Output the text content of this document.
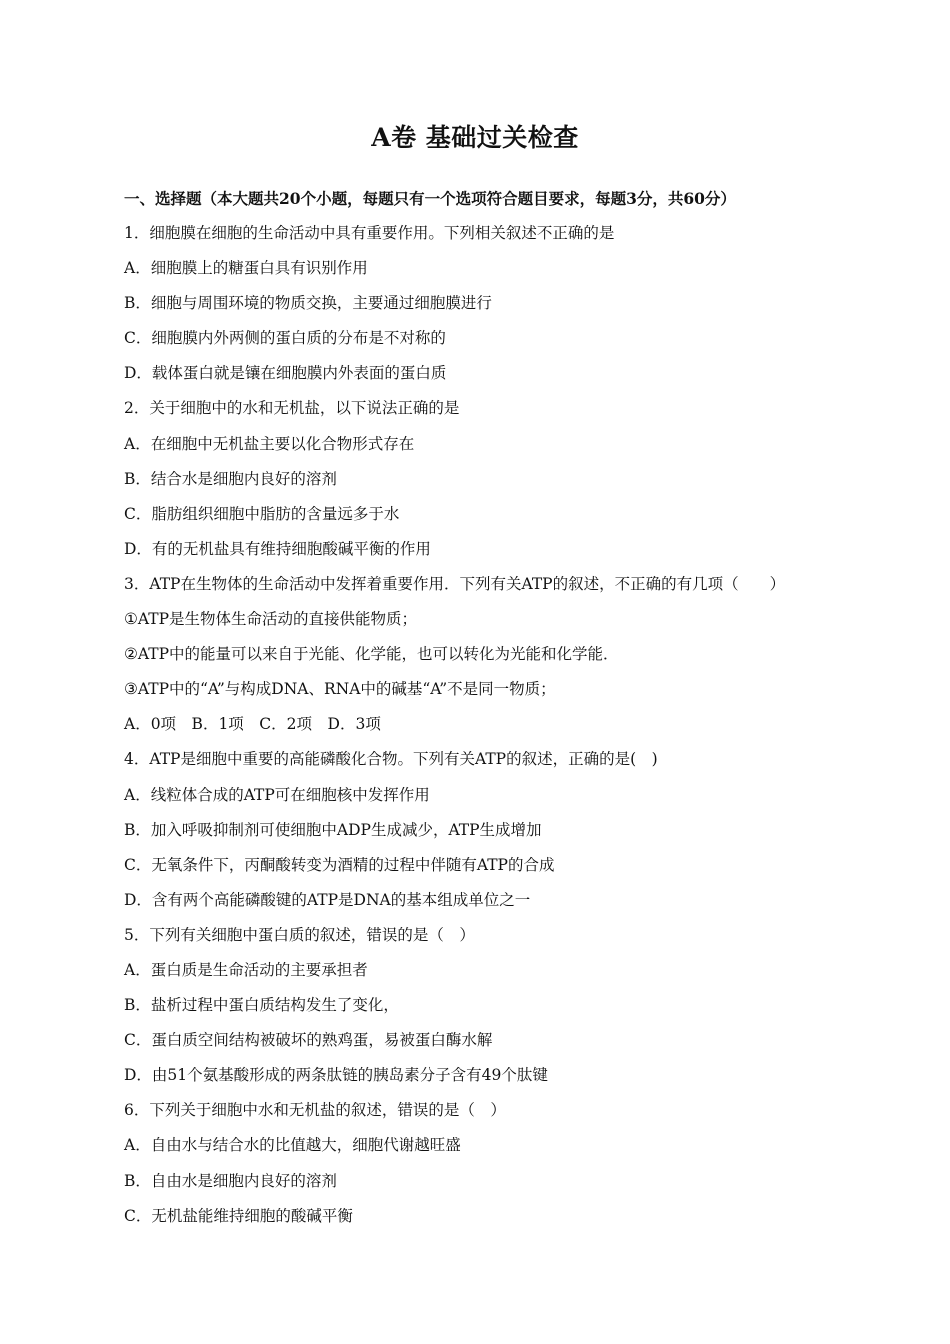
A卷 基础过关检查
一、选择题（本大题共20个小题，每题只有一个选项符合题目要求，每题3分，共60分）
1．细胞膜在细胞的生命活动中具有重要作用。下列相关叙述不正确的是
A．细胞膜上的糖蛋白具有识别作用
B．细胞与周围环境的物质交换，主要通过细胞膜进行
C．细胞膜内外两侧的蛋白质的分布是不对称的
D．载体蛋白就是镶在细胞膜内外表面的蛋白质
2．关于细胞中的水和无机盐，以下说法正确的是
A．在细胞中无机盐主要以化合物形式存在
B．结合水是细胞内良好的溶剂
C．脂肪组织细胞中脂肪的含量远多于水
D．有的无机盐具有维持细胞酸碱平衡的作用
3．ATP在生物体的生命活动中发挥着重要作用．下列有关ATP的叙述，不正确的有几项（　　）
①ATP是生物体生命活动的直接供能物质；
②ATP中的能量可以来自于光能、化学能，也可以转化为光能和化学能．
③ATP中的“A”与构成DNA、RNA中的碱基“A”不是同一物质；
A．0项　B．1项　C．2项　D．3项
4．ATP是细胞中重要的高能磷酸化合物。下列有关ATP的叙述，正确的是(　)
A．线粒体合成的ATP可在细胞核中发挥作用
B．加入呼吸抑制剂可使细胞中ADP生成减少，ATP生成增加
C．无氧条件下，丙酮酸转变为酒精的过程中伴随有ATP的合成
D．含有两个高能磷酸键的ATP是DNA的基本组成单位之一
5．下列有关细胞中蛋白质的叙述，错误的是（　）
A．蛋白质是生命活动的主要承担者
B．盐析过程中蛋白质结构发生了变化，
C．蛋白质空间结构被破坏的熟鸡蛋，易被蛋白酶水解
D．由51个氨基酸形成的两条肽链的胰岛素分子含有49个肽键
6．下列关于细胞中水和无机盐的叙述，错误的是（　）
A．自由水与结合水的比值越大，细胞代谢越旺盛
B．自由水是细胞内良好的溶剂
C．无机盐能维持细胞的酸碱平衡
